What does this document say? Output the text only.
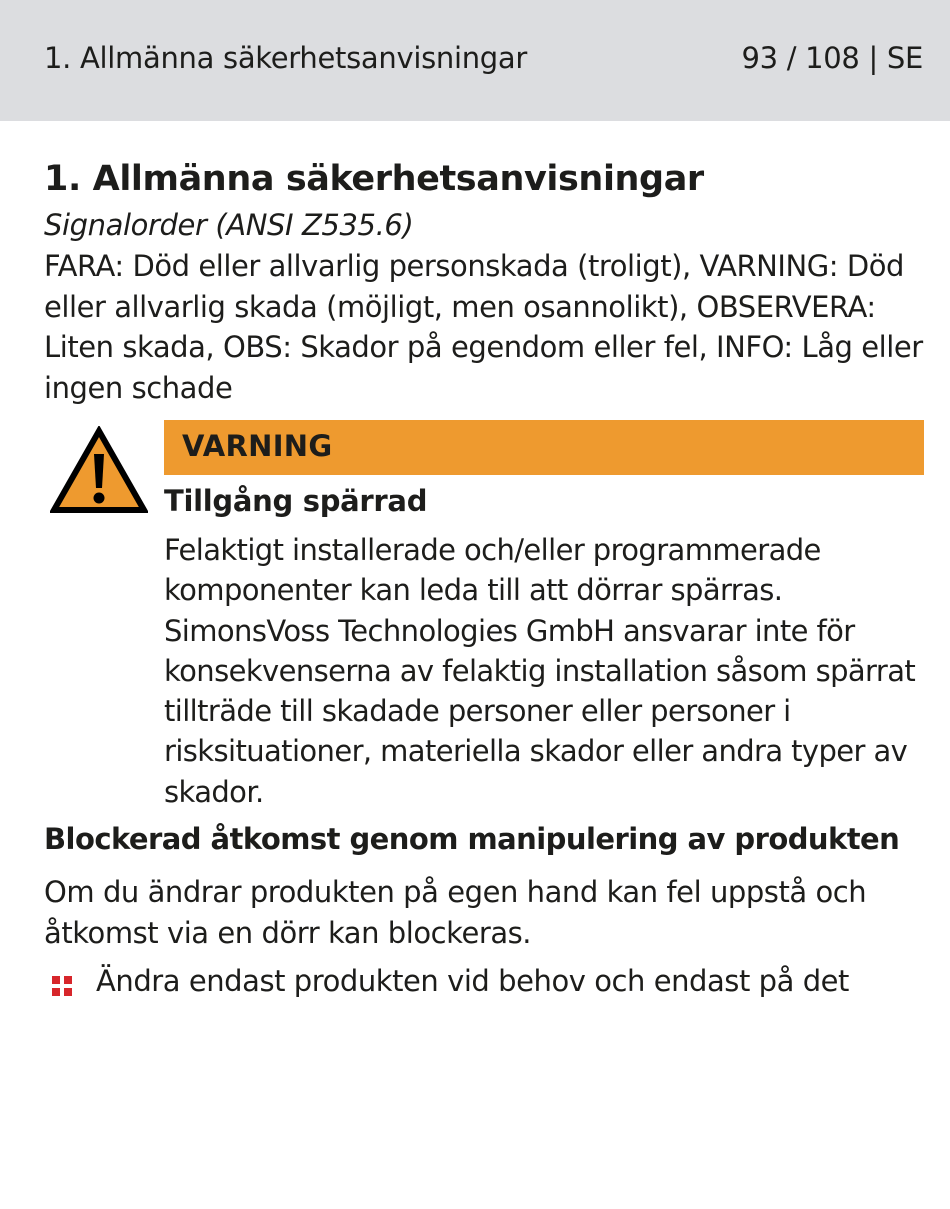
1. Allmänna säkerhetsanvisningar	93 / 108 | SE
1. Allmänna säkerhetsanvisningar
Signalorder (ANSI Z535.6)

FARA: Död eller allvarlig personskada (troligt), VARNING: Död eller allvarlig skada (möjligt, men osannolikt), OBSERVERA: Liten skada, OBS: Skador på egendom eller fel, INFO: Låg eller ingen schade

VARNING
Tillgång spärrad

Felaktigt installerade och/eller programmerade komponenter kan leda till att dörrar spärras. SimonsVoss Technologies GmbH ansvarar inte för konsekvenserna av felaktig installation såsom spärrat tillträde till skadade personer eller personer i risksituationer, materiella skador eller andra typer av skador.

Blockerad åtkomst genom manipulering av produkten

Om du ändrar produkten på egen hand kan fel uppstå och åtkomst via en dörr kan blockeras.

Ändra endast produkten vid behov och endast på det
